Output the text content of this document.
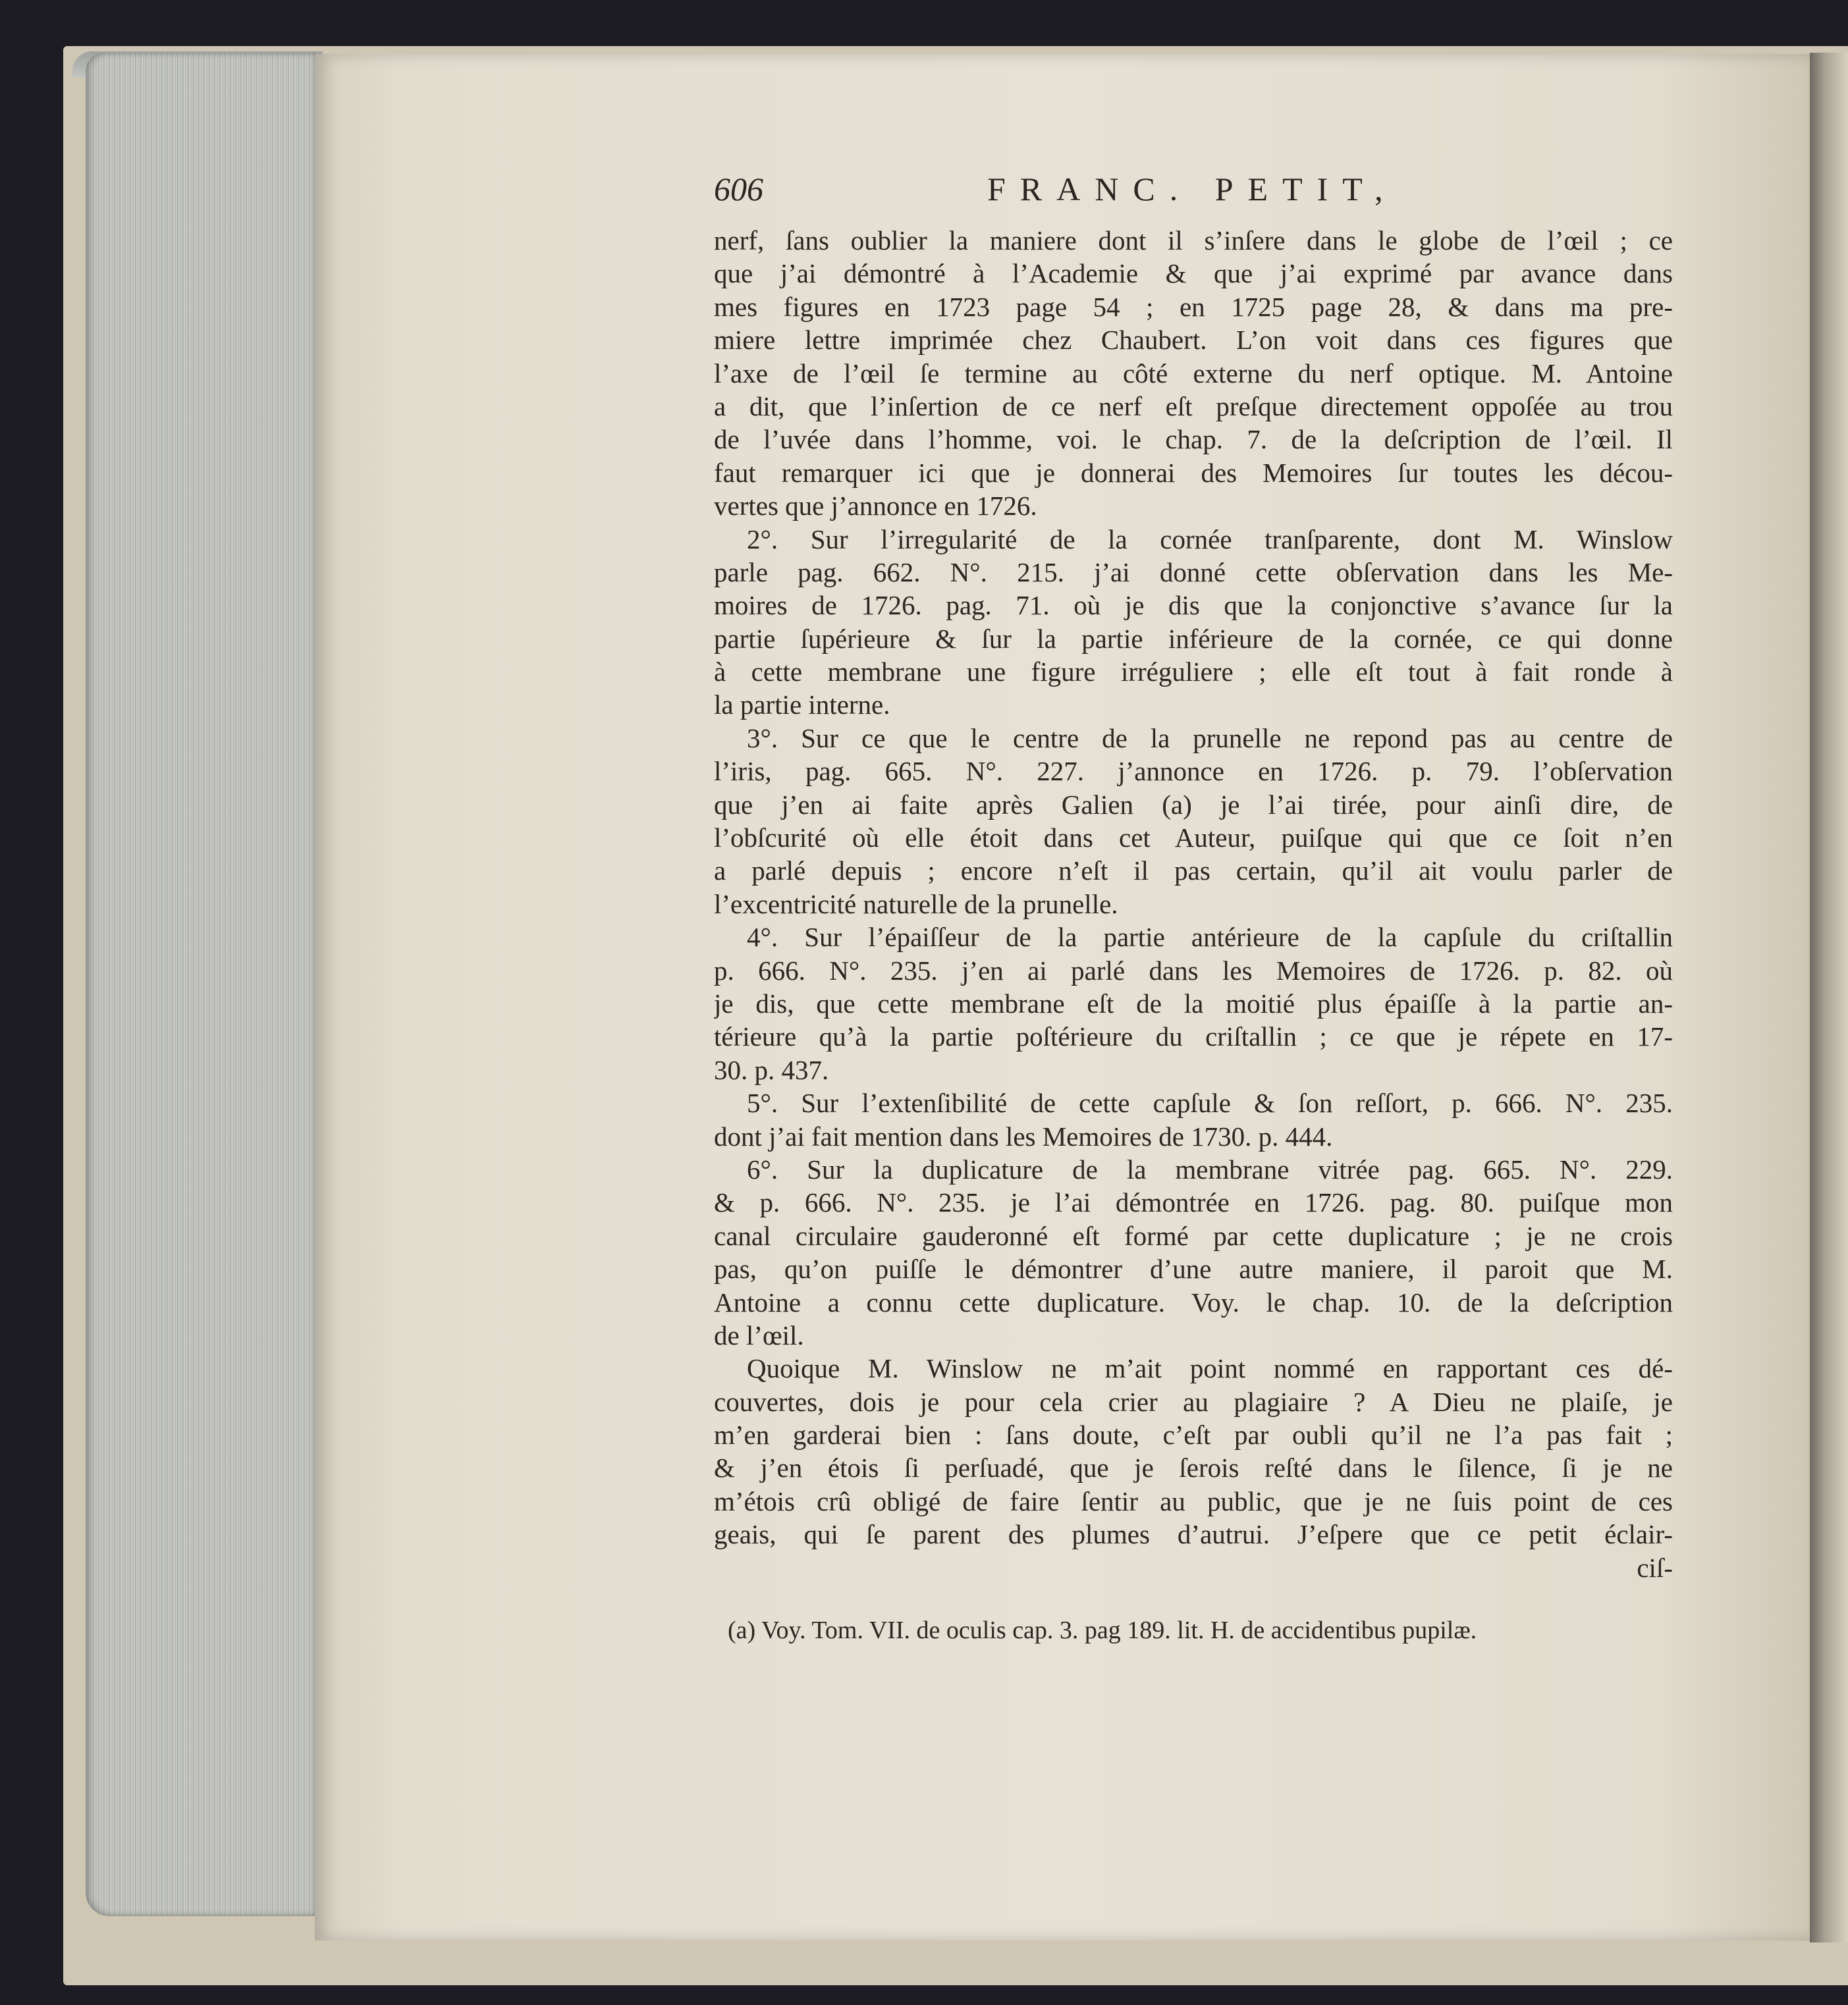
606	FRANC. PETIT,
nerf, ſans oublier la maniere dont il s’inſere dans le globe de l’œil ; ce
que j’ai démontré à l’Academie & que j’ai exprimé par avance dans
mes figures en 1723 page 54 ; en 1725 page 28, & dans ma pre-
miere lettre imprimée chez Chaubert. L’on voit dans ces figures que
l’axe de l’œil ſe termine au côté externe du nerf optique. M. Antoine
a dit, que l’inſertion de ce nerf eſt preſque directement oppoſée au trou
de l’uvée dans l’homme, voi. le chap. 7. de la deſcription de l’œil. Il
faut remarquer ici que je donnerai des Memoires ſur toutes les décou-
vertes que j’annonce en 1726.
2°. Sur l’irregularité de la cornée tranſparente, dont M. Winslow
parle pag. 662. N°. 215. j’ai donné cette obſervation dans les Me-
moires de 1726. pag. 71. où je dis que la conjonctive s’avance ſur la
partie ſupérieure & ſur la partie inférieure de la cornée, ce qui donne
à cette membrane une figure irréguliere ; elle eſt tout à fait ronde à
la partie interne.
3°. Sur ce que le centre de la prunelle ne repond pas au centre de
l’iris, pag. 665. N°. 227. j’annonce en 1726. p. 79. l’obſervation
que j’en ai faite après Galien (a) je l’ai tirée, pour ainſi dire, de
l’obſcurité où elle étoit dans cet Auteur, puiſque qui que ce ſoit n’en
a parlé depuis ; encore n’eſt il pas certain, qu’il ait voulu parler de
l’excentricité naturelle de la prunelle.
4°. Sur l’épaiſſeur de la partie antérieure de la capſule du criſtallin
p. 666. N°. 235. j’en ai parlé dans les Memoires de 1726. p. 82. où
je dis, que cette membrane eſt de la moitié plus épaiſſe à la partie an-
térieure qu’à la partie poſtérieure du criſtallin ; ce que je répete en 17-
30. p. 437.
5°. Sur l’extenſibilité de cette capſule & ſon reſſort, p. 666. N°. 235.
dont j’ai fait mention dans les Memoires de 1730. p. 444.
6°. Sur la duplicature de la membrane vitrée pag. 665. N°. 229.
& p. 666. N°. 235. je l’ai démontrée en 1726. pag. 80. puiſque mon
canal circulaire gauderonné eſt formé par cette duplicature ; je ne crois
pas, qu’on puiſſe le démontrer d’une autre maniere, il paroit que M.
Antoine a connu cette duplicature. Voy. le chap. 10. de la deſcription
de l’œil.
Quoique M. Winslow ne m’ait point nommé en rapportant ces dé-
couvertes, dois je pour cela crier au plagiaire ? A Dieu ne plaiſe, je
m’en garderai bien : ſans doute, c’eſt par oubli qu’il ne l’a pas fait ;
& j’en étois ſi perſuadé, que je ſerois reſté dans le ſilence, ſi je ne
m’étois crû obligé de faire ſentir au public, que je ne ſuis point de ces
geais, qui ſe parent des plumes d’autrui. J’eſpere que ce petit éclair-
ciſ-
(a) Voy. Tom. VII. de oculis cap. 3. pag 189. lit. H. de accidentibus pupilæ.
